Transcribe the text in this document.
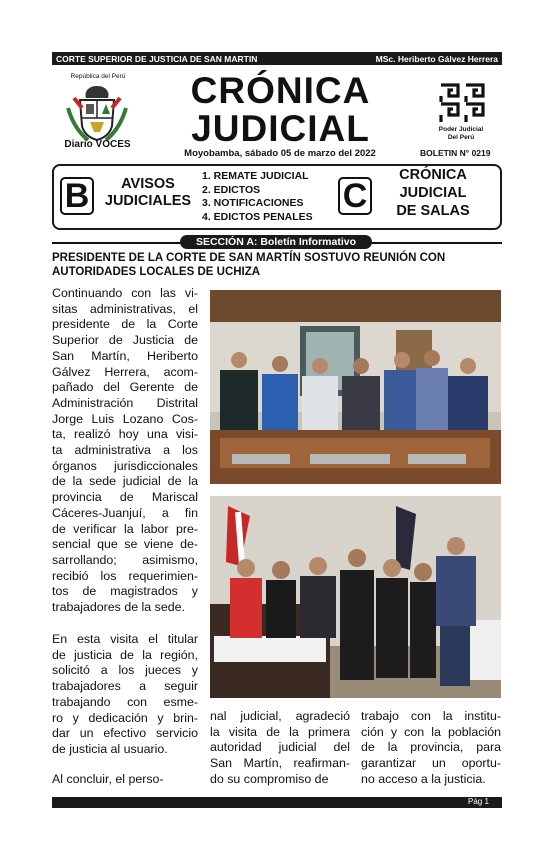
CORTE SUPERIOR DE JUSTICIA DE SAN MARTIN	MSc. Heriberto Gálvez Herrera
República del Perú
Diario VOCES
CRÓNICA
JUDICIAL	Poder Judicial
Del Perú
Moyobamba, sábado 05 de marzo del 2022	BOLETIN N° 0219
B	AVISOS
JUDICIALES
1. REMATE JUDICIAL
2. EDICTOS
3. NOTIFICACIONES
4. EDICTOS PENALES
C
CRÓNICA
JUDICIAL
DE SALAS
SECCIÓN A: Boletín Informativo
PRESIDENTE DE LA CORTE DE SAN MARTÍN SOSTUVO REUNIÓN CON AUTORIDADES LOCALES DE UCHIZA
Continuando con las vi-
sitas administrativas, el
presidente de la Corte
Superior de Justicia de
San Martín, Heriberto
Gálvez Herrera, acom-
pañado del Gerente de
Administración Distrital
Jorge Luis Lozano Cos-
ta, realizó hoy una visi-
ta administrativa a los
órganos jurisdiccionales
de la sede judicial de la
provincia de Mariscal
Cáceres-Juanjuí, a fin
de verificar la labor pre-
sencial que se viene de-
sarrollando; asimismo,
recibió los requerimien-
tos de magistrados y
trabajadores de la sede.
En esta visita el titular
de justicia de la región,
solicitó a los jueces y
trabajadores a seguir
trabajando con esme-
ro y dedicación y brin-
dar un efectivo servicio
de justicia al usuario.
Al concluir, el perso-
nal judicial, agradeció
la visita de la primera
autoridad judicial del
San Martín, reafirman-
do su compromiso de
trabajo con la institu-
ción y con la población
de la provincia, para
garantizar un oportu-
no acceso a la justicia.
Pág 1
